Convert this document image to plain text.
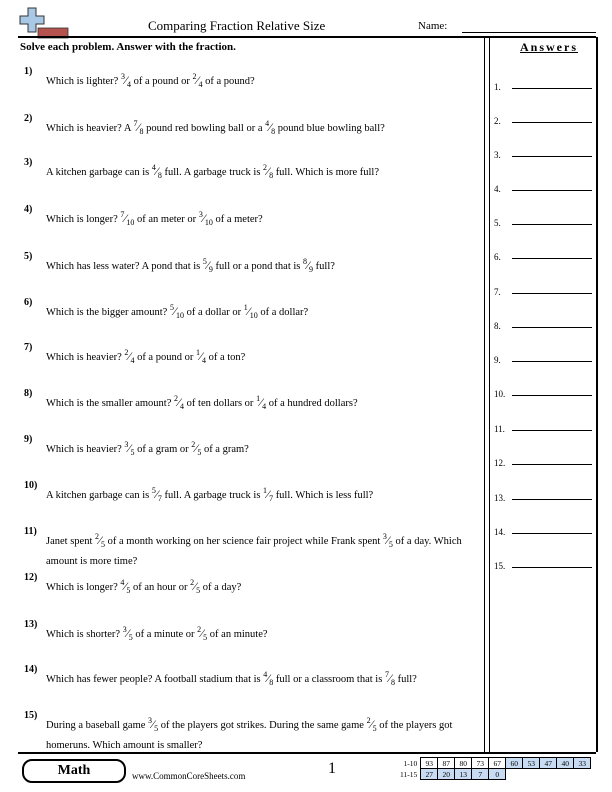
Comparing Fraction Relative Size	Name:
Solve each problem. Answer with the fraction.	Answers
1.
2.
3.
4.
5.
6.
7.
8.
9.
10.
11.
12.
13.
14.
15.
1)
Which is lighter? $^3⁄_4$ of a pound or $^2⁄_4$ of a pound?
2)
Which is heavier? A $^7⁄_8$ pound red bowling ball or a $^4⁄_8$ pound blue bowling ball?
3)
A kitchen garbage can is $^4⁄_8$ full. A garbage truck is $^2⁄_8$ full. Which is more full?
4)
Which is longer? $^7⁄_{10}$ of an meter or $^3⁄_{10}$ of a meter?
5)
Which has less water? A pond that is $^5⁄_9$ full or a pond that is $^8⁄_9$ full?
6)
Which is the bigger amount? $^5⁄_{10}$ of a dollar or $^1⁄_{10}$ of a dollar?
7)
Which is heavier? $^2⁄_4$ of a pound or $^1⁄_4$ of a ton?
8)
Which is the smaller amount? $^2⁄_4$ of ten dollars or $^1⁄_4$ of a hundred dollars?
9)
Which is heavier? $^3⁄_5$ of a gram or $^2⁄_5$ of a gram?
10)
A kitchen garbage can is $^5⁄_7$ full. A garbage truck is $^1⁄_7$ full. Which is less full?
11)
Janet spent $^2⁄_5$ of a month working on her science fair project while Frank spent $^3⁄_5$ of a day. Which amount is more time?
12)
Which is longer? $^4⁄_5$ of an hour or $^2⁄_5$ of a day?
13)
Which is shorter? $^3⁄_5$ of a minute or $^2⁄_5$ of an minute?
14)
Which has fewer people? A football stadium that is $^4⁄_8$ full or a classroom that is $^7⁄_8$ full?
15)
During a baseball game $^3⁄_5$ of the players got strikes. During the same game $^2⁄_5$ of the players got homeruns. Which amount is smaller?
Math	www.CommonCoreSheets.com	1	1-10	93	87	80	73	67	60	53	47	40	33
11-15	27	20	13	7	0					
